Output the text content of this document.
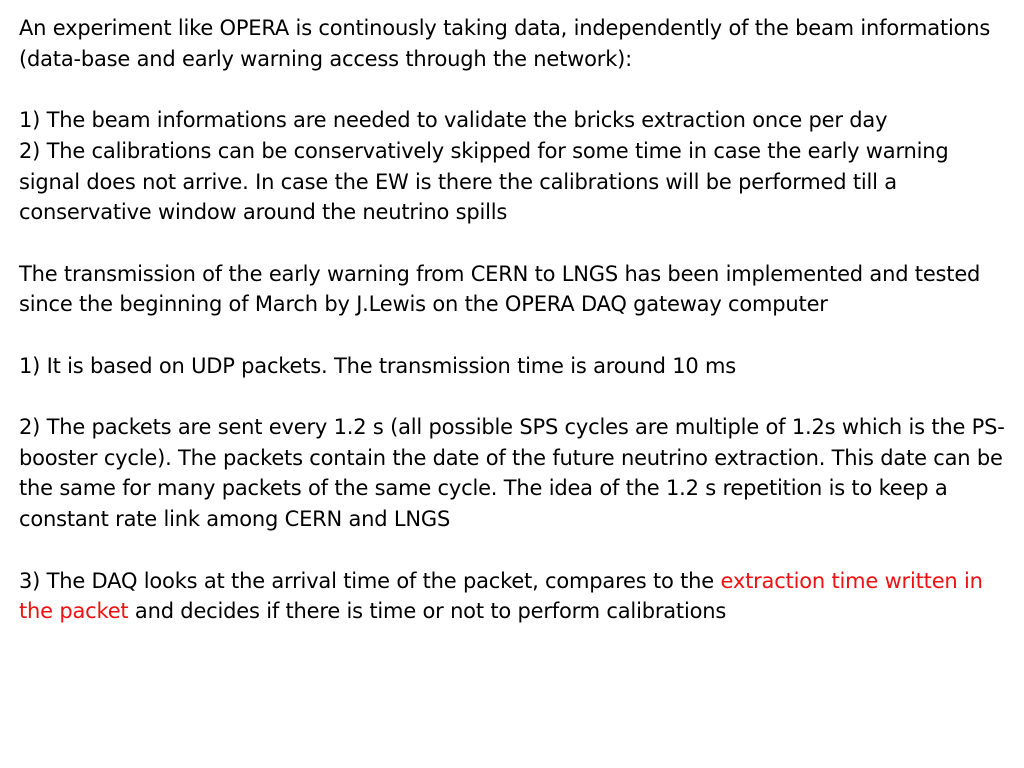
An experiment like OPERA is continously taking data, independently of the beam informations (data-base and early warning access through the network):

1) The beam informations are needed to validate the bricks extraction once per day

2) The calibrations can be conservatively skipped for some time in case the early warning signal does not arrive. In case the EW is there the calibrations will be performed till a conservative window around the neutrino spills

The transmission of the early warning from CERN to LNGS has been implemented and tested since the beginning of March by J.Lewis on the OPERA DAQ gateway computer

1) It is based on UDP packets. The transmission time is around 10 ms

2) The packets are sent every 1.2 s (all possible SPS cycles are multiple of 1.2s which is the PS-booster cycle). The packets contain the date of the future neutrino extraction. This date can be the same for many packets of the same cycle. The idea of the 1.2 s repetition is to keep a constant rate link among CERN and LNGS

3) The DAQ looks at the arrival time of the packet, compares to the extraction time written in the packet and decides if there is time or not to perform calibrations
